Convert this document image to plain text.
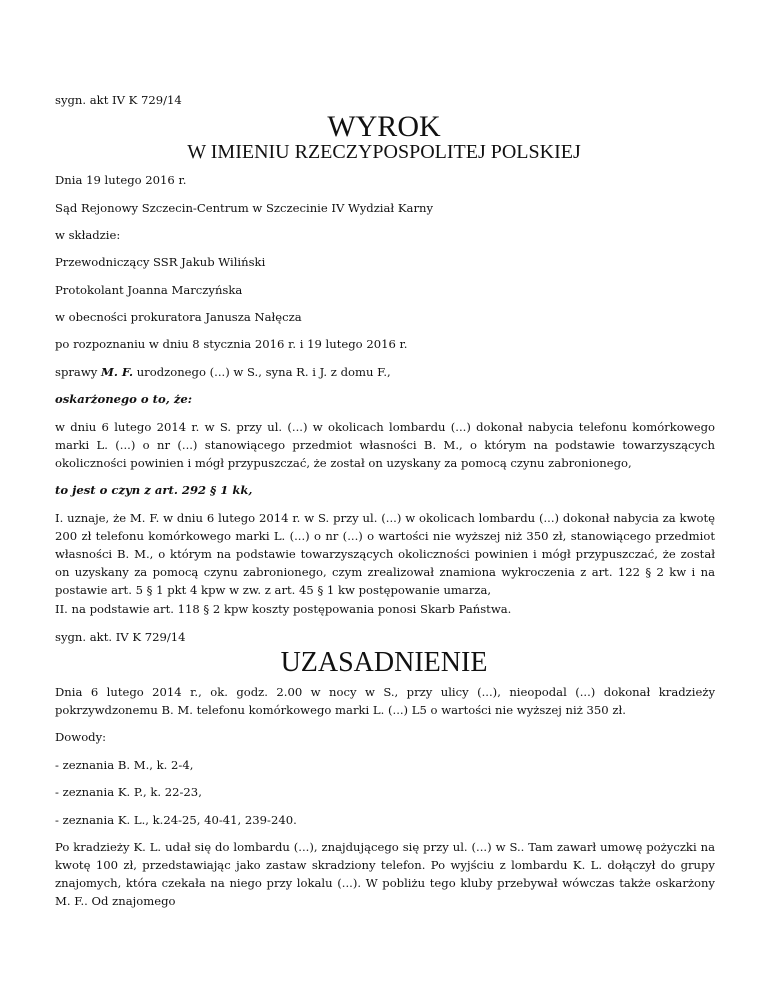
sygn. akt IV K 729/14

WYROK
W IMIENIU RZECZYPOSPOLITEJ POLSKIEJ

Dnia 19 lutego 2016 r.

Sąd Rejonowy Szczecin-Centrum w Szczecinie IV Wydział Karny

w składzie:

Przewodniczący SSR Jakub Wiliński

Protokolant Joanna Marczyńska

w obecności prokuratora Janusza Nałęcza

po rozpoznaniu w dniu 8 stycznia 2016 r. i 19 lutego 2016 r.

sprawy M. F. urodzonego (...) w S., syna R. i J. z domu F.,

oskarżonego o to, że:

w dniu 6 lutego 2014 r. w S. przy ul. (...) w okolicach lombardu (...) dokonał nabycia telefonu komórkowego marki L. (...) o nr (...) stanowiącego przedmiot własności B. M., o którym na podstawie towarzyszących okoliczności powinien i mógł przypuszczać, że został on uzyskany za pomocą czynu zabronionego,

to jest o czyn z art. 292 § 1 kk,

I. uznaje, że M. F. w dniu 6 lutego 2014 r. w S. przy ul. (...) w okolicach lombardu (...) dokonał nabycia za kwotę 200 zł telefonu komórkowego marki L. (...) o nr (...) o wartości nie wyższej niż 350 zł, stanowiącego przedmiot własności B. M., o którym na podstawie towarzyszących okoliczności powinien i mógł przypuszczać, że został on uzyskany za pomocą czynu zabronionego, czym zrealizował znamiona wykroczenia z art. 122 § 2 kw i na postawie art. 5 § 1 pkt 4 kpw w zw. z art. 45 § 1 kw postępowanie umarza,

II. na podstawie art. 118 § 2 kpw koszty postępowania ponosi Skarb Państwa.

sygn. akt. IV K 729/14

UZASADNIENIE

Dnia 6 lutego 2014 r., ok. godz. 2.00 w nocy w S., przy ulicy (...), nieopodal (...) dokonał kradzieży pokrzywdzonemu B. M. telefonu komórkowego marki L. (...) L5 o wartości nie wyższej niż 350 zł.

Dowody:

- zeznania B. M., k. 2-4,

- zeznania K. P., k. 22-23,

- zeznania K. L., k.24-25, 40-41, 239-240.

Po kradzieży K. L. udał się do lombardu (...), znajdującego się przy ul. (...) w S.. Tam zawarł umowę pożyczki na kwotę 100 zł, przedstawiając jako zastaw skradziony telefon. Po wyjściu z lombardu K. L. dołączył do grupy znajomych, która czekała na niego przy lokalu (...). W pobliżu tego kluby przebywał wówczas także oskarżony M. F.. Od znajomego
